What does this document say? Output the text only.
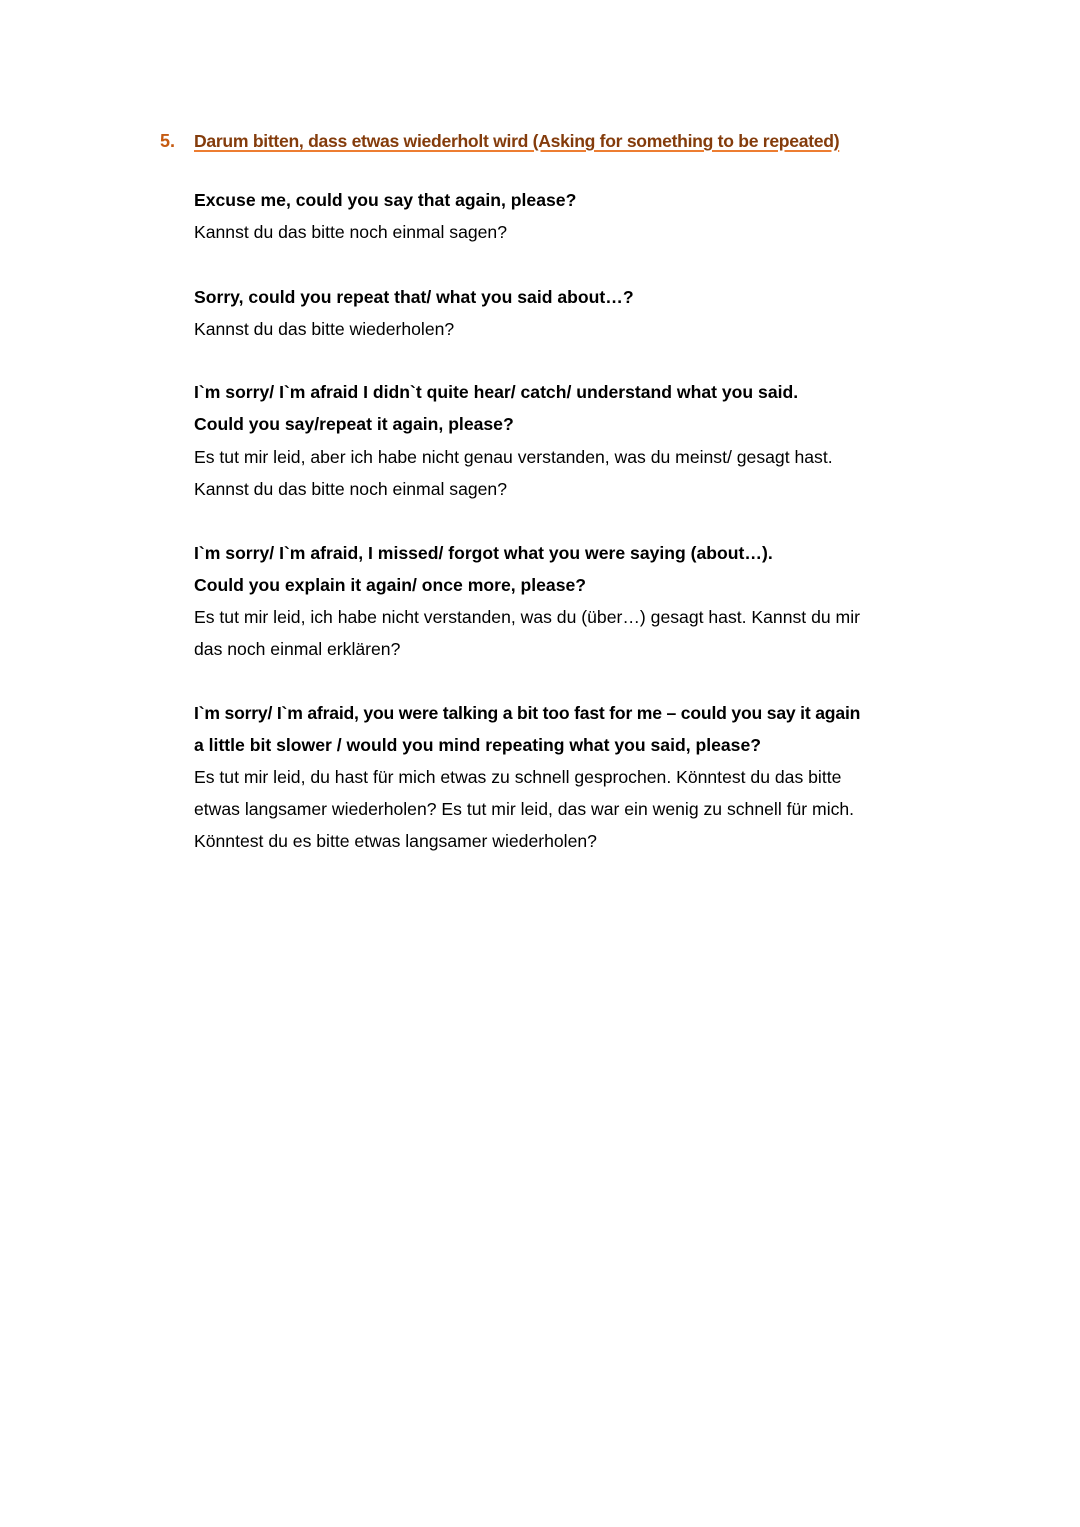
5. Darum bitten, dass etwas wiederholt wird (Asking for something to be repeated)
Excuse me, could you say that again, please?
Kannst du das bitte noch einmal sagen?
Sorry, could you repeat that/ what you said about…?
Kannst du das bitte wiederholen?
I`m sorry/ I`m afraid I didn`t quite hear/ catch/ understand what you said.
Could you say/repeat it again, please?
Es tut mir leid, aber ich habe nicht genau verstanden, was du meinst/ gesagt hast.
Kannst du das bitte noch einmal sagen?
I`m sorry/ I`m afraid, I missed/ forgot what you were saying (about…).
Could you explain it again/ once more, please?
Es tut mir leid, ich habe nicht verstanden, was du (über…) gesagt hast. Kannst du mir
das noch einmal erklären?
I`m sorry/ I`m afraid, you were talking a bit too fast for me – could you say it again
a little bit slower / would you mind repeating what you said, please?
Es tut mir leid, du hast für mich etwas zu schnell gesprochen. Könntest du das bitte
etwas langsamer wiederholen? Es tut mir leid, das war ein wenig zu schnell für mich.
Könntest du es bitte etwas langsamer wiederholen?
